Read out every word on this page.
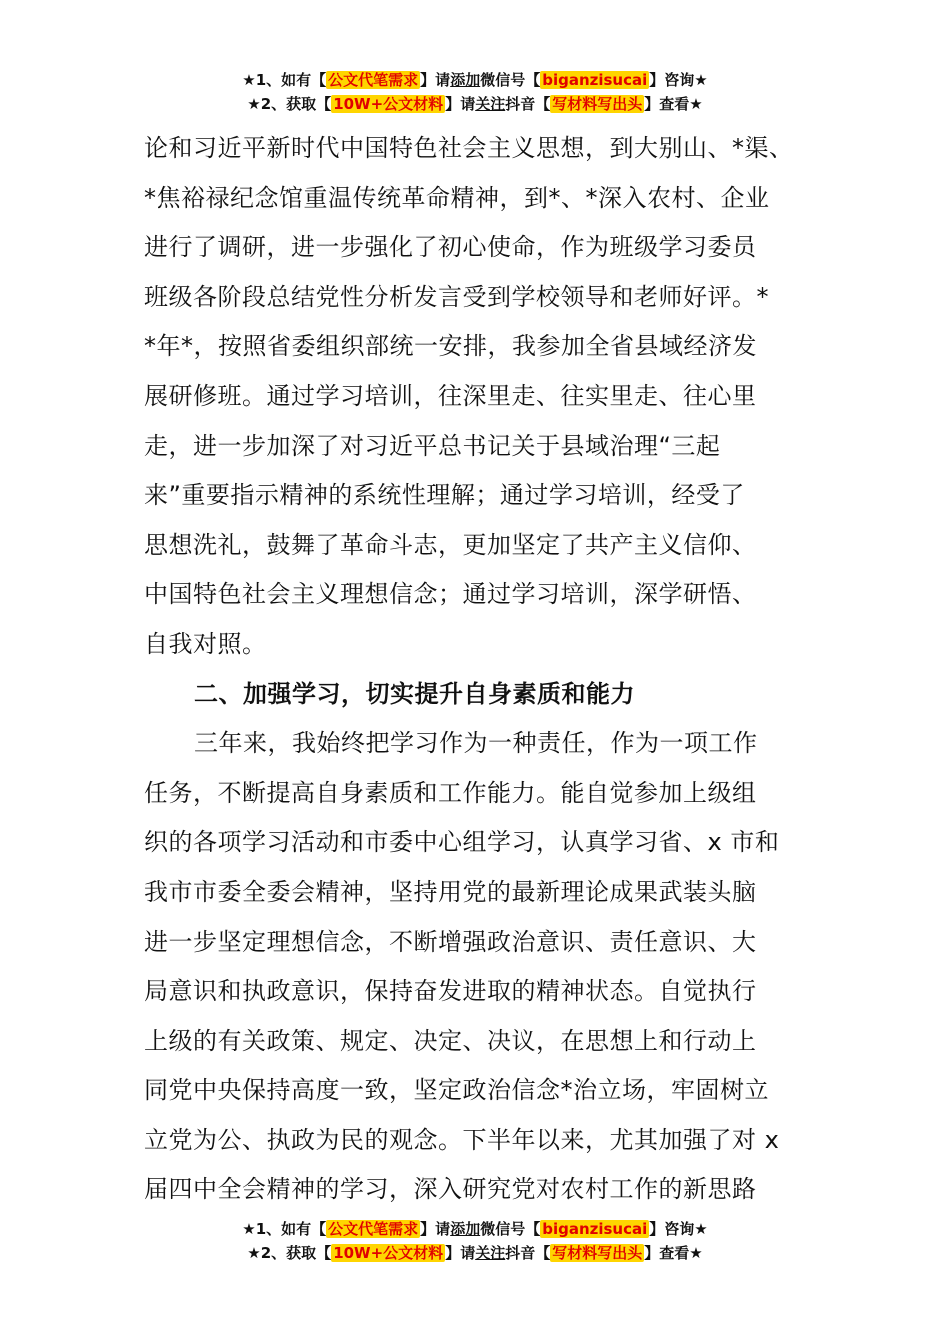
★1、如有【 公文代笔需求 】请添加微信号【 biganzisucai 】咨询★
★2、获取【 10W+公文材料 】请关注抖音【 写材料写出头 】查看★
论和习近平新时代中国特色社会主义思想，到大别山、*渠、
*焦裕禄纪念馆重温传统革命精神，到*、*深入农村、企业
进行了调研，进一步强化了初心使命，作为班级学习委员
班级各阶段总结党性分析发言受到学校领导和老师好评。*
*年*，按照省委组织部统一安排，我参加全省县域经济发
展研修班。通过学习培训，往深里走、往实里走、往心里
走，进一步加深了对习近平总书记关于县域治理“三起
来”重要指示精神的系统性理解；通过学习培训，经受了
思想洗礼，鼓舞了革命斗志，更加坚定了共产主义信仰、
中国特色社会主义理想信念；通过学习培训，深学研悟、
自我对照。
二、加强学习，切实提升自身素质和能力
三年来，我始终把学习作为一种责任，作为一项工作
任务，不断提高自身素质和工作能力。能自觉参加上级组
织的各项学习活动和市委中心组学习，认真学习省、x 市和
我市市委全委会精神，坚持用党的最新理论成果武装头脑
进一步坚定理想信念，不断增强政治意识、责任意识、大
局意识和执政意识，保持奋发进取的精神状态。自觉执行
上级的有关政策、规定、决定、决议，在思想上和行动上
同党中央保持高度一致，坚定政治信念*治立场，牢固树立
立党为公、执政为民的观念。下半年以来，尤其加强了对 x
届四中全会精神的学习，深入研究党对农村工作的新思路
★1、如有【 公文代笔需求 】请添加微信号【 biganzisucai 】咨询★
★2、获取【 10W+公文材料 】请关注抖音【 写材料写出头 】查看★
